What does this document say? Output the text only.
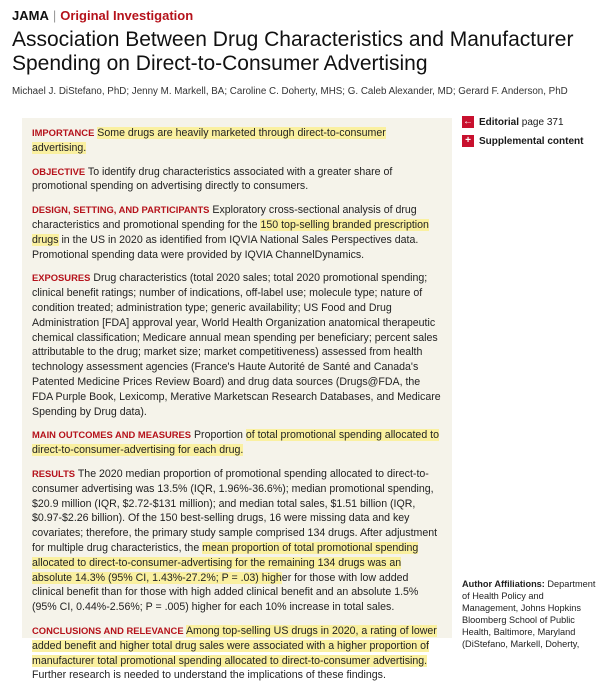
JAMA | Original Investigation
Association Between Drug Characteristics and Manufacturer Spending on Direct-to-Consumer Advertising
Michael J. DiStefano, PhD; Jenny M. Markell, BA; Caroline C. Doherty, MHS; G. Caleb Alexander, MD; Gerard F. Anderson, PhD

IMPORTANCE Some drugs are heavily marketed through direct-to-consumer advertising.

OBJECTIVE To identify drug characteristics associated with a greater share of promotional spending on advertising directly to consumers.

DESIGN, SETTING, AND PARTICIPANTS Exploratory cross-sectional analysis of drug characteristics and promotional spending for the 150 top-selling branded prescription drugs in the US in 2020 as identified from IQVIA National Sales Perspectives data. Promotional spending data were provided by IQVIA ChannelDynamics.

EXPOSURES Drug characteristics (total 2020 sales; total 2020 promotional spending; clinical benefit ratings; number of indications, off-label use; molecule type; nature of condition treated; administration type; generic availability; US Food and Drug Administration [FDA] approval year, World Health Organization anatomical therapeutic chemical classification; Medicare annual mean spending per beneficiary; percent sales attributable to the drug; market size; market competitiveness) assessed from health technology assessment agencies (France's Haute Autorité de Santé and Canada's Patented Medicine Prices Review Board) and drug data sources (Drugs@FDA, the FDA Purple Book, Lexicomp, Merative Marketscan Research Databases, and Medicare Spending by Drug data).

MAIN OUTCOMES AND MEASURES Proportion of total promotional spending allocated to direct-to-consumer-advertising for each drug.

RESULTS The 2020 median proportion of promotional spending allocated to direct-to-consumer advertising was 13.5% (IQR, 1.96%-36.6%); median promotional spending, $20.9 million (IQR, $2.72-$131 million); and median total sales, $1.51 billion (IQR, $0.97-$2.26 billion). Of the 150 best-selling drugs, 16 were missing data and key covariates; therefore, the primary study sample comprised 134 drugs. After adjustment for multiple drug characteristics, the mean proportion of total promotional spending allocated to direct-to-consumer-advertising for the remaining 134 drugs was an absolute 14.3% (95% CI, 1.43%-27.2%; P = .03) higher for those with low added clinical benefit than for those with high added clinical benefit and an absolute 1.5% (95% CI, 0.44%-2.56%; P = .005) higher for each 10% increase in total sales.

CONCLUSIONS AND RELEVANCE Among top-selling US drugs in 2020, a rating of lower added benefit and higher total drug sales were associated with a higher proportion of manufacturer total promotional spending allocated to direct-to-consumer advertising. Further research is needed to understand the implications of these findings.

← Editorial page 371
+ Supplemental content
Author Affiliations: Department of Health Policy and Management, Johns Hopkins Bloomberg School of Public Health, Baltimore, Maryland (DiStefano, Markell, Doherty,
